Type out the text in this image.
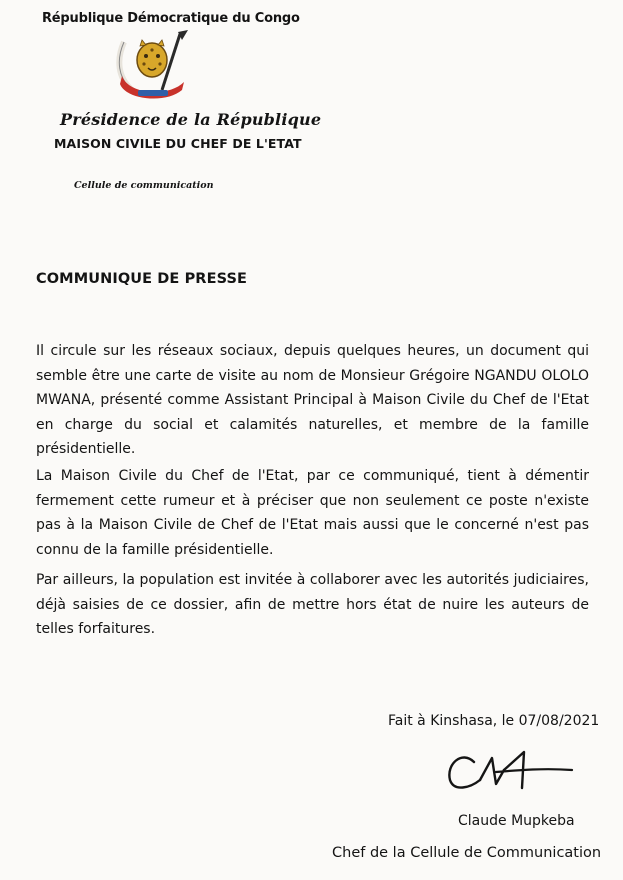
République Démocratique du Congo
Présidence de la République
MAISON CIVILE DU CHEF DE L'ETAT
Cellule de communication
COMMUNIQUE DE PRESSE

Il circule sur les réseaux sociaux, depuis quelques heures, un document qui semble être une carte de visite au nom de Monsieur Grégoire NGANDU OLOLO MWANA, présenté comme Assistant Principal à Maison Civile du Chef de l'Etat en charge du social et calamités naturelles, et membre de la famille présidentielle.

La Maison Civile du Chef de l'Etat, par ce communiqué, tient à démentir fermement cette rumeur et à préciser que non seulement ce poste n'existe pas à la Maison Civile de Chef de l'Etat mais aussi que le concerné n'est pas connu de la famille présidentielle.

Par ailleurs, la population est invitée à collaborer avec les autorités judiciaires, déjà saisies de ce dossier, afin de mettre hors état de nuire les auteurs de telles forfaitures.

Fait à Kinshasa, le 07/08/2021
Claude Mupkeba
Chef de la Cellule de Communication
